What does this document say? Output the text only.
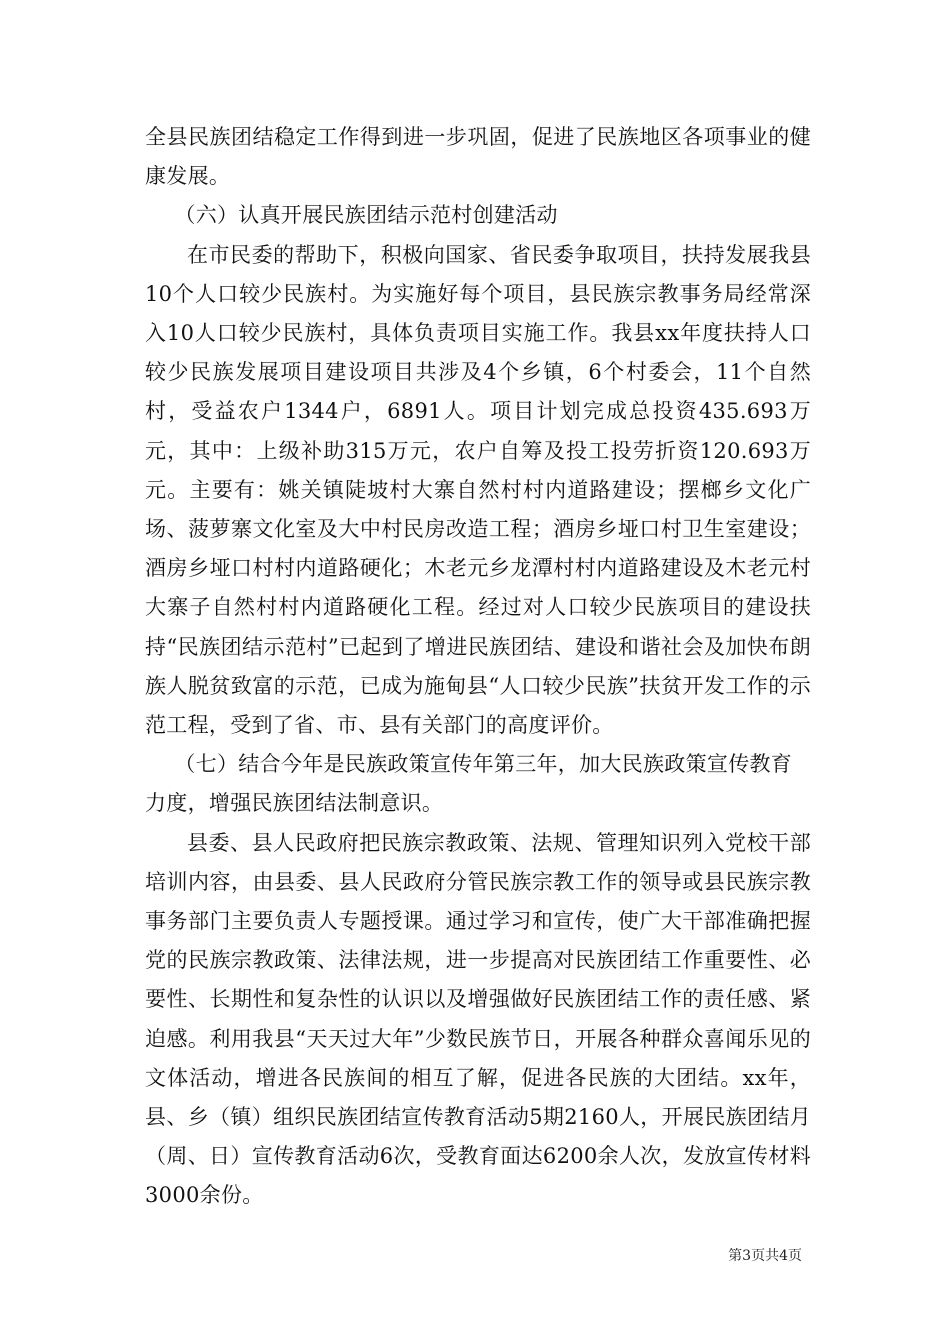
全县民族团结稳定工作得到进一步巩固，促进了民族地区各项事业的健康发展。

（六）认真开展民族团结示范村创建活动

在市民委的帮助下，积极向国家、省民委争取项目，扶持发展我县10个人口较少民族村。为实施好每个项目，县民族宗教事务局经常深入10人口较少民族村，具体负责项目实施工作。我县xx年度扶持人口较少民族发展项目建设项目共涉及4个乡镇，6个村委会，11个自然村，受益农户1344户，6891人。项目计划完成总投资435.693万元，其中：上级补助315万元，农户自筹及投工投劳折资120.693万元。主要有：姚关镇陡坡村大寨自然村村内道路建设；摆榔乡文化广场、菠萝寨文化室及大中村民房改造工程；酒房乡垭口村卫生室建设；酒房乡垭口村村内道路硬化；木老元乡龙潭村村内道路建设及木老元村大寨子自然村村内道路硬化工程。经过对人口较少民族项目的建设扶持“民族团结示范村”已起到了增进民族团结、建设和谐社会及加快布朗族人脱贫致富的示范，已成为施甸县“人口较少民族”扶贫开发工作的示范工程，受到了省、市、县有关部门的高度评价。

（七）结合今年是民族政策宣传年第三年，加大民族政策宣传教育力度，增强民族团结法制意识。

县委、县人民政府把民族宗教政策、法规、管理知识列入党校干部培训内容，由县委、县人民政府分管民族宗教工作的领导或县民族宗教事务部门主要负责人专题授课。通过学习和宣传，使广大干部准确把握党的民族宗教政策、法律法规，进一步提高对民族团结工作重要性、必要性、长期性和复杂性的认识以及增强做好民族团结工作的责任感、紧迫感。利用我县“天天过大年”少数民族节日，开展各种群众喜闻乐见的文体活动，增进各民族间的相互了解，促进各民族的大团结。xx年，县、乡（镇）组织民族团结宣传教育活动5期2160人，开展民族团结月（周、日）宣传教育活动6次，受教育面达6200余人次，发放宣传材料3000余份。

第3页共4页
